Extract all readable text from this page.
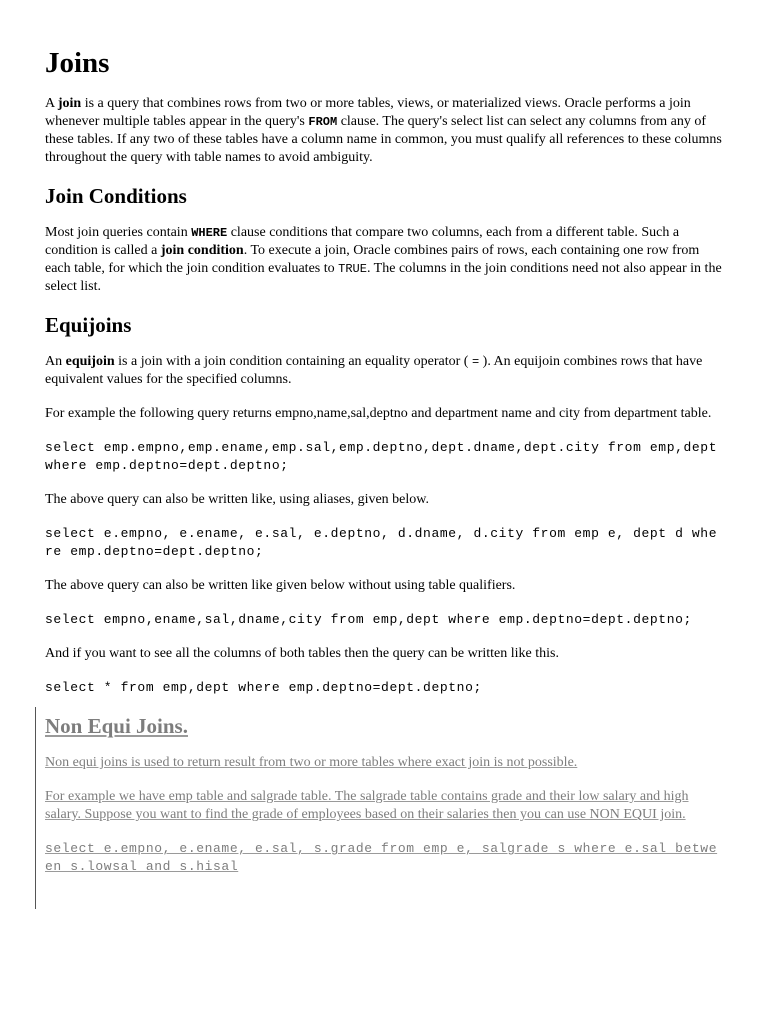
Joins

A join is a query that combines rows from two or more tables, views, or materialized views. Oracle performs a join whenever multiple tables appear in the query's FROM clause. The query's select list can select any columns from any of these tables. If any two of these tables have a column name in common, you must qualify all references to these columns throughout the query with table names to avoid ambiguity.

Join Conditions

Most join queries contain WHERE clause conditions that compare two columns, each from a different table. Such a condition is called a join condition. To execute a join, Oracle combines pairs of rows, each containing one row from each table, for which the join condition evaluates to TRUE. The columns in the join conditions need not also appear in the select list.

Equijoins

An equijoin is a join with a join condition containing an equality operator ( = ). An equijoin combines rows that have equivalent values for the specified columns.

For example the following query returns empno,name,sal,deptno and department name and city from department table.

select emp.empno,emp.ename,emp.sal,emp.deptno,dept.dname,dept.city from emp,dept where emp.deptno=dept.deptno;

The above query can also be written like, using aliases, given below.

select e.empno, e.ename, e.sal, e.deptno, d.dname, d.city from emp e, dept d where emp.deptno=dept.deptno;

The above query can also be written like given below without using table qualifiers.

select empno,ename,sal,dname,city from emp,dept where emp.deptno=dept.deptno;

And if you want to see all the columns of both tables then the query can be written like this.

select * from emp,dept where emp.deptno=dept.deptno;
Non Equi Joins.

Non equi joins is used to return result from two or more tables where exact join is not possible.

For example we have emp table and salgrade table. The salgrade table contains grade and their low salary and high salary. Suppose you want to find the grade of employees based on their salaries then you can use NON EQUI join.

select e.empno, e.ename, e.sal, s.grade from emp e, salgrade s where e.sal between s.lowsal and s.hisal
